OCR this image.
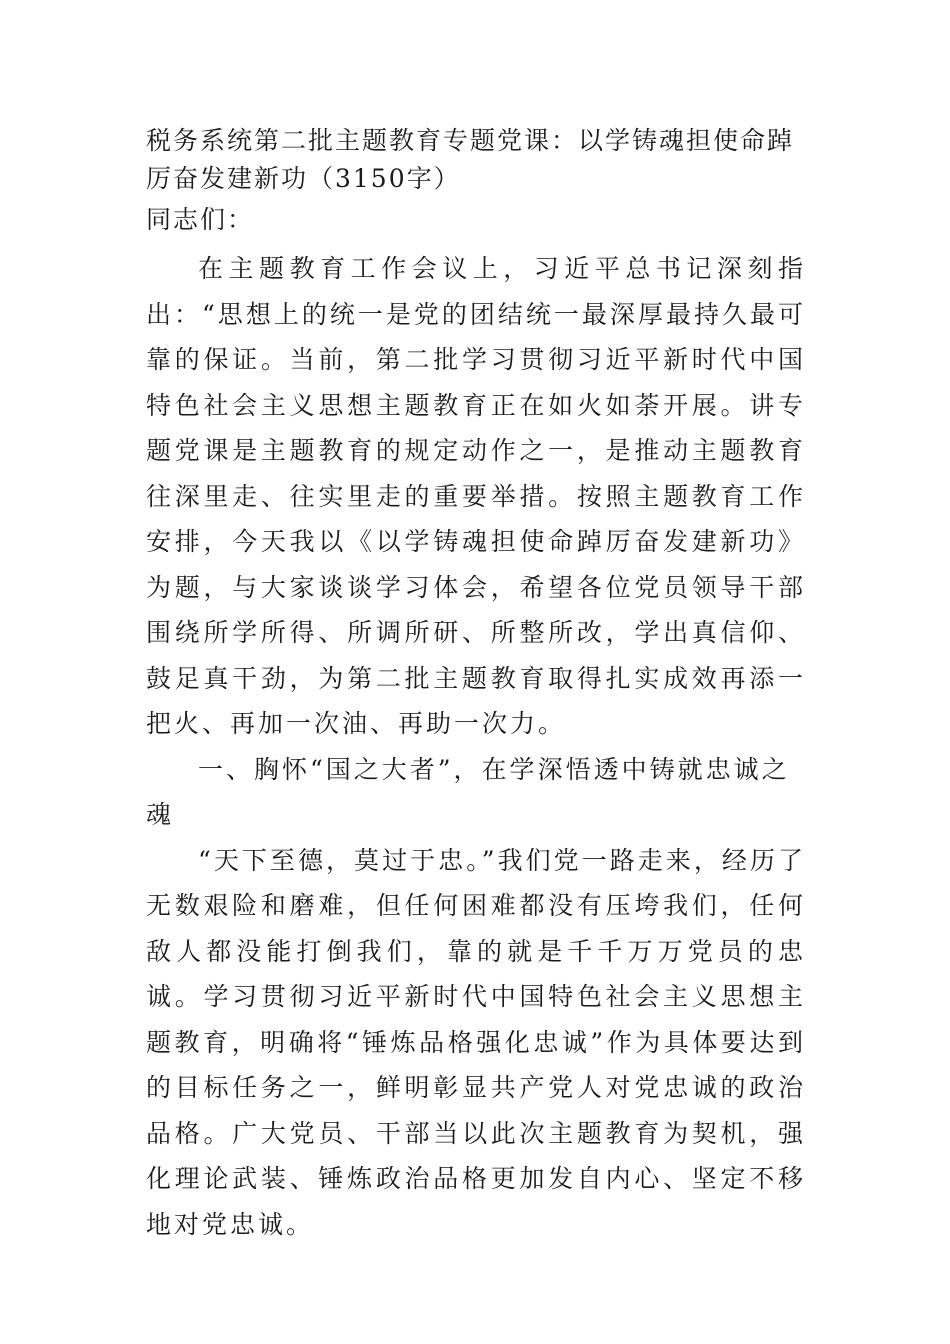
税务系统第二批主题教育专题党课：以学铸魂担使命踔厉奋发建新功（3150字）

同志们：

在主题教育工作会议上，习近平总书记深刻指出：“思想上的统一是党的团结统一最深厚最持久最可靠的保证。当前，第二批学习贯彻习近平新时代中国特色社会主义思想主题教育正在如火如荼开展。讲专题党课是主题教育的规定动作之一，是推动主题教育往深里走、往实里走的重要举措。按照主题教育工作安排，今天我以《以学铸魂担使命踔厉奋发建新功》为题，与大家谈谈学习体会，希望各位党员领导干部围绕所学所得、所调所研、所整所改，学出真信仰、鼓足真干劲，为第二批主题教育取得扎实成效再添一把火、再加一次油、再助一次力。

一、胸怀“国之大者”，在学深悟透中铸就忠诚之魂

“天下至德，莫过于忠。”我们党一路走来，经历了无数艰险和磨难，但任何困难都没有压垮我们，任何敌人都没能打倒我们，靠的就是千千万万党员的忠诚。学习贯彻习近平新时代中国特色社会主义思想主题教育，明确将“锤炼品格强化忠诚”作为具体要达到的目标任务之一，鲜明彰显共产党人对党忠诚的政治品格。广大党员、干部当以此次主题教育为契机，强化理论武装、锤炼政治品格更加发自内心、坚定不移地对党忠诚。
